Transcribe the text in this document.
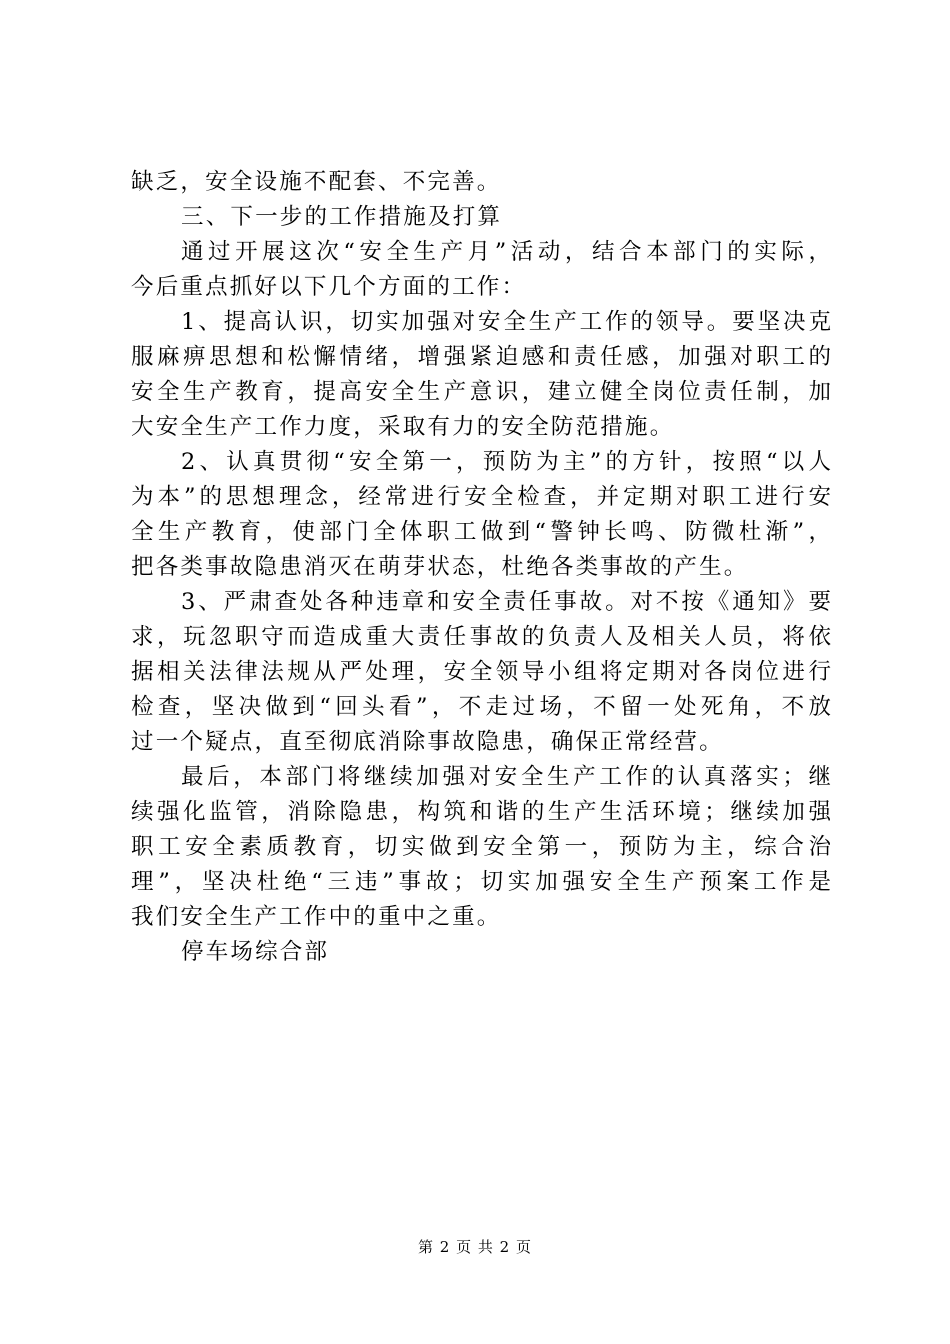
缺乏，安全设施不配套、不完善。
三、下一步的工作措施及打算
通过开展这次“安全生产月”活动，结合本部门的实际，
今后重点抓好以下几个方面的工作：
1、提高认识，切实加强对安全生产工作的领导。要坚决克
服麻痹思想和松懈情绪，增强紧迫感和责任感，加强对职工的
安全生产教育，提高安全生产意识，建立健全岗位责任制，加
大安全生产工作力度，采取有力的安全防范措施。
2、认真贯彻“安全第一，预防为主”的方针，按照“以人
为本”的思想理念，经常进行安全检查，并定期对职工进行安
全生产教育，使部门全体职工做到“警钟长鸣、防微杜渐”，
把各类事故隐患消灭在萌芽状态，杜绝各类事故的产生。
3、严肃查处各种违章和安全责任事故。对不按《通知》要
求，玩忽职守而造成重大责任事故的负责人及相关人员，将依
据相关法律法规从严处理，安全领导小组将定期对各岗位进行
检查，坚决做到“回头看”，不走过场，不留一处死角，不放
过一个疑点，直至彻底消除事故隐患，确保正常经营。
最后，本部门将继续加强对安全生产工作的认真落实；继
续强化监管，消除隐患，构筑和谐的生产生活环境；继续加强
职工安全素质教育，切实做到安全第一，预防为主，综合治
理”，坚决杜绝“三违”事故；切实加强安全生产预案工作是
我们安全生产工作中的重中之重。
停车场综合部
第 2 页 共 2 页
